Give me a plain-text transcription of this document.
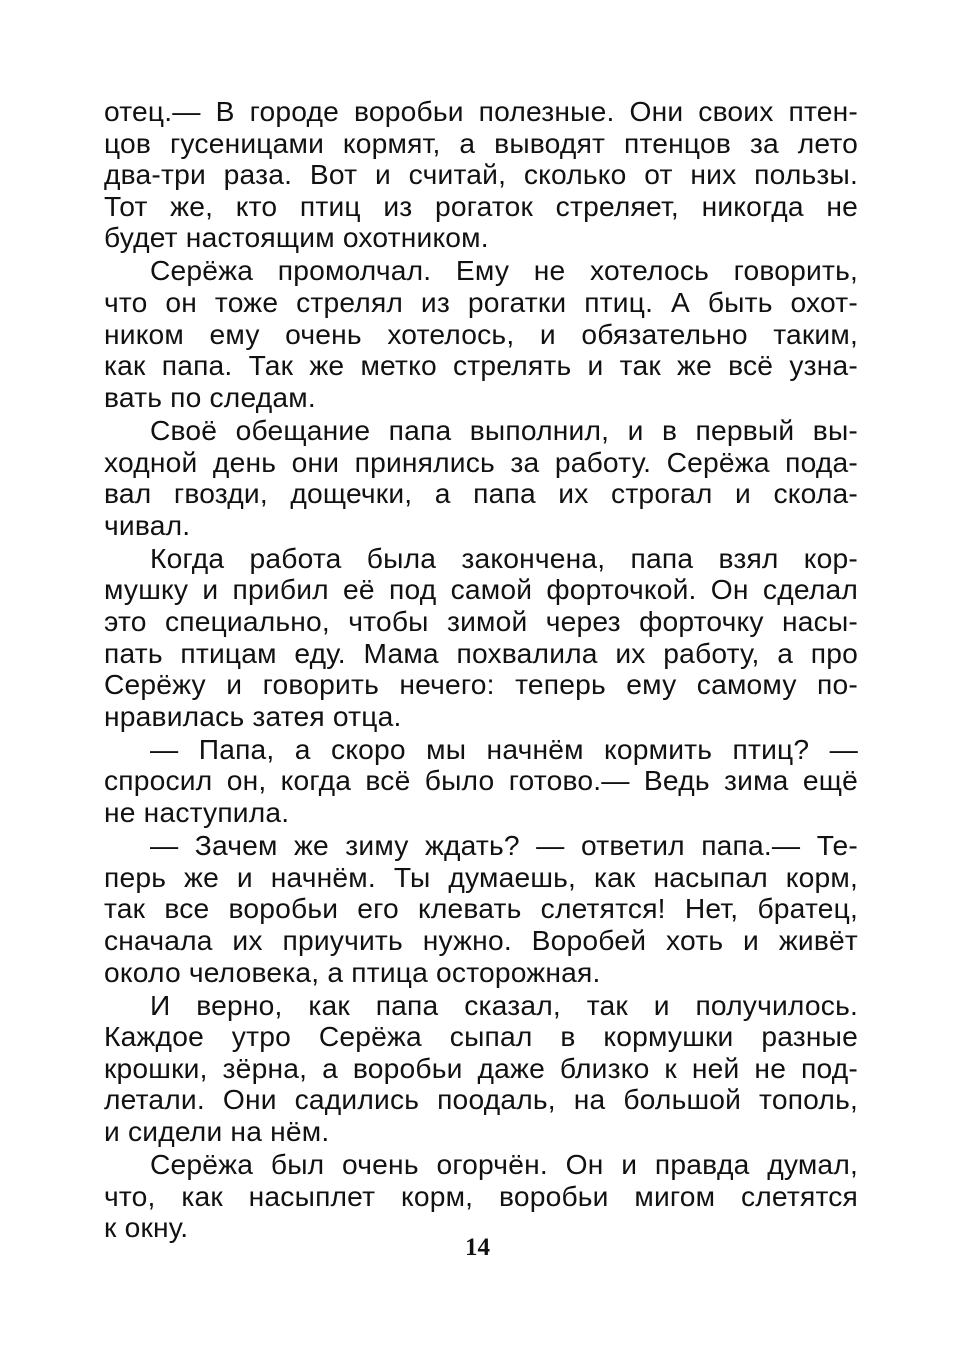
отец.— В городе воробьи полезные. Они своих птен-
цов гусеницами кормят, а выводят птенцов за лето
два-три раза. Вот и считай, сколько от них пользы.
Тот же, кто птиц из рогаток стреляет, никогда не
будет настоящим охотником.
Серёжа промолчал. Ему не хотелось говорить,
что он тоже стрелял из рогатки птиц. А быть охот-
ником ему очень хотелось, и обязательно таким,
как папа. Так же метко стрелять и так же всё узна-
вать по следам.
Своё обещание папа выполнил, и в первый вы-
ходной день они принялись за работу. Серёжа пода-
вал гвозди, дощечки, а папа их строгал и скола-
чивал.
Когда работа была закончена, папа взял кор-
мушку и прибил её под самой форточкой. Он сделал
это специально, чтобы зимой через форточку насы-
пать птицам еду. Мама похвалила их работу, а про
Серёжу и говорить нечего: теперь ему самому по-
нравилась затея отца.
— Папа, а скоро мы начнём кормить птиц? —
спросил он, когда всё было готово.— Ведь зима ещё
не наступила.
— Зачем же зиму ждать? — ответил папа.— Те-
перь же и начнём. Ты думаешь, как насыпал корм,
так все воробьи его клевать слетятся! Нет, братец,
сначала их приучить нужно. Воробей хоть и живёт
около человека, а птица осторожная.
И верно, как папа сказал, так и получилось.
Каждое утро Серёжа сыпал в кормушки разные
крошки, зёрна, а воробьи даже близко к ней не под-
летали. Они садились поодаль, на большой тополь,
и сидели на нём.
Серёжа был очень огорчён. Он и правда думал,
что, как насыплет корм, воробьи мигом слетятся
к окну.
14
